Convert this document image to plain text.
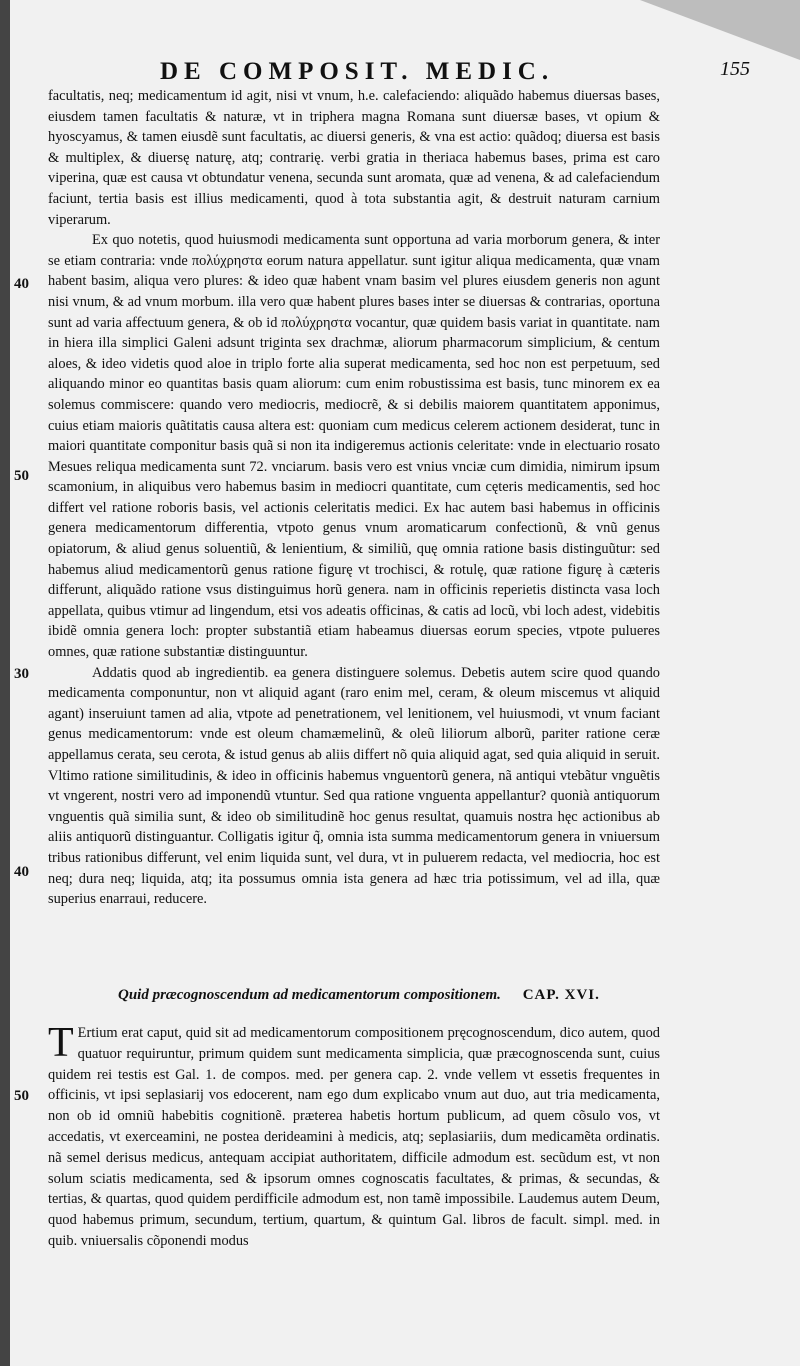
DE COMPOSIT. MEDIC.	155

facultatis, neq; medicamentum id agit, nisi vt vnum, h.e. calefaciendo: aliquãdo habemus diuersas bases, eiusdem tamen facultatis & naturæ, vt in triphera magna Romana sunt diuersæ bases, vt opium & hyoscyamus, & tamen eiusdẽ sunt facultatis, ac diuersi generis, & vna est actio: quãdoq; diuersa est basis & multiplex, & diuersę naturę, atq; contrarię. verbi gratia in theriaca habemus bases, prima est caro viperina, quæ est causa vt obtundatur venena, secunda sunt aromata, quæ ad venena, & ad calefaciendum faciunt, tertia basis est illius medicamenti, quod à tota substantia agit, & destruit naturam carnium viperarum.

Ex quo notetis, quod huiusmodi medicamenta sunt opportuna ad varia morborum genera, & inter se etiam contraria: vnde πολύχρηστα eorum natura appellatur. sunt igitur aliqua medicamenta, quæ vnam habent basim, aliqua vero plures: & ideo quæ habent vnam basim vel plures eiusdem generis non agunt nisi vnum, & ad vnum morbum. illa vero quæ habent plures bases inter se diuersas & contrarias, oportuna sunt ad varia affectuum genera, & ob id πολύχρηστα vocantur, quæ quidem basis variat in quantitate. nam in hiera illa simplici Galeni adsunt triginta sex drachmæ, aliorum pharmacorum simplicium, & centum aloes, & ideo videtis quod aloe in triplo forte alia superat medicamenta, sed hoc non est perpetuum, sed aliquando minor eo quantitas basis quam aliorum: cum enim robustissima est basis, tunc minorem ex ea solemus commiscere: quando vero mediocris, mediocrẽ, & si debilis maiorem quantitatem apponimus, cuius etiam maioris quãtitatis causa altera est: quoniam cum medicus celerem actionem desiderat, tunc in maiori quantitate componitur basis quã si non ita indigeremus actionis celeritate: vnde in electuario rosato Mesues reliqua medicamenta sunt 72. vnciarum. basis vero est vnius vnciæ cum dimidia, nimirum ipsum scamonium, in aliquibus vero habemus basim in mediocri quantitate, cum cęteris medicamentis, sed hoc differt vel ratione roboris basis, vel actionis celeritatis medici. Ex hac autem basi habemus in officinis genera medicamentorum differentia, vtpoto genus vnum aromaticarum confectionũ, & vnũ genus opiatorum, & aliud genus soluentiũ, & lenientium, & similiũ, quę omnia ratione basis distinguũtur: sed habemus aliud medicamentorũ genus ratione figurę vt trochisci, & rotulę, quæ ratione figurę à cæteris differunt, aliquãdo ratione vsus distinguimus horũ genera. nam in officinis reperietis distincta vasa loch appellata, quibus vtimur ad lingendum, etsi vos adeatis officinas, & catis ad locũ, vbi loch adest, videbitis ibidẽ omnia genera loch: propter substantiã etiam habeamus diuersas eorum species, vtpote pulueres omnes, quæ ratione substantiæ distinguuntur.

Addatis quod ab ingredientib. ea genera distinguere solemus. Debetis autem scire quod quando medicamenta componuntur, non vt aliquid agant (raro enim mel, ceram, & oleum miscemus vt aliquid agant) inseruiunt tamen ad alia, vtpote ad penetrationem, vel lenitionem, vel huiusmodi, vt vnum faciant genus medicamentorum: vnde est oleum chamæmelinũ, & oleũ liliorum alborũ, pariter ratione ceræ appellamus cerata, seu cerota, & istud genus ab aliis differt nõ quia aliquid agat, sed quia aliquid in seruit. Vltimo ratione similitudinis, & ideo in officinis habemus vnguentorũ genera, nã antiqui vtebãtur vnguẽtis vt vngerent, nostri vero ad imponendũ vtuntur. Sed qua ratione vnguenta appellantur? quonià antiquorum vnguentis quã similia sunt, & ideo ob similitudinẽ hoc genus resultat, quamuis nostra hęc actionibus ab aliis antiquorũ distinguantur. Colligatis igitur q̃, omnia ista summa medicamentorum genera in vniuersum tribus rationibus differunt, vel enim liquida sunt, vel dura, vt in puluerem redacta, vel mediocria, hoc est neq; dura neq; liquida, atq; ita possumus omnia ista genera ad hæc tria potissimum, vel ad illa, quæ superius enarraui, reducere.

Quid præcognoscendum ad medicamentorum compositionem. CAP. XVI.
T Ertium erat caput, quid sit ad medicamentorum compositionem pręcognoscendum, dico autem, quod quatuor requiruntur, primum quidem sunt medicamenta simplicia, quæ præcognoscenda sunt, cuius quidem rei testis est Gal. 1. de compos. med. per genera cap. 2. vnde vellem vt essetis frequentes in officinis, vt ipsi seplasiarij vos edocerent, nam ego dum explicabo vnum aut duo, aut tria medicamenta, non ob id omniũ habebitis cognitionẽ. præterea habetis hortum publicum, ad quem cõsulo vos, vt accedatis, vt exerceamini, ne postea derideamini à medicis, atq; seplasiariis, dum medicamẽta ordinatis. nã semel derisus medicus, antequam accipiat authoritatem, difficile admodum est. secũdum est, vt non solum sciatis medicamenta, sed & ipsorum omnes cognoscatis facultates, & primas, & secundas, & tertias, & quartas, quod quidem perdifficile admodum est, non tamẽ impossibile. Laudemus autem Deum, quod habemus primum, secundum, tertium, quartum, & quintum Gal. libros de facult. simpl. med. in quib. vniuersalis cõponendi modus
40
50
30
40
50
